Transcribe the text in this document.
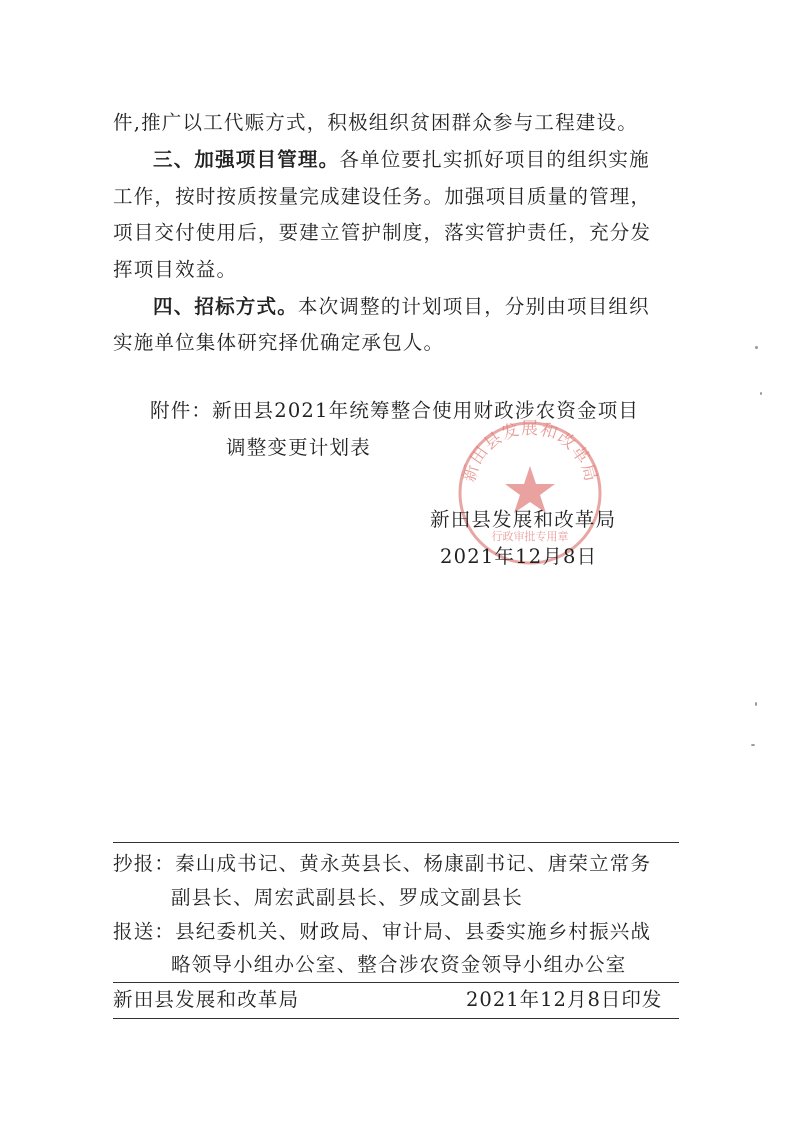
件,推广以工代赈方式，积极组织贫困群众参与工程建设。
三、加强项目管理。各单位要扎实抓好项目的组织实施
工作，按时按质按量完成建设任务。加强项目质量的管理，
项目交付使用后，要建立管护制度，落实管护责任，充分发
挥项目效益。
四、招标方式。本次调整的计划项目，分别由项目组织
实施单位集体研究择优确定承包人。
附件：新田县2021年统筹整合使用财政涉农资金项目
调整变更计划表
新田县发展和改革局
行政审批专用章
新田县发展和改革局
2021年12月8日
抄报：秦山成书记、黄永英县长、杨康副书记、唐荣立常务
副县长、周宏武副县长、罗成文副县长
报送：县纪委机关、财政局、审计局、县委实施乡村振兴战
略领导小组办公室、整合涉农资金领导小组办公室
新田县发展和改革局	2021年12月8日印发
